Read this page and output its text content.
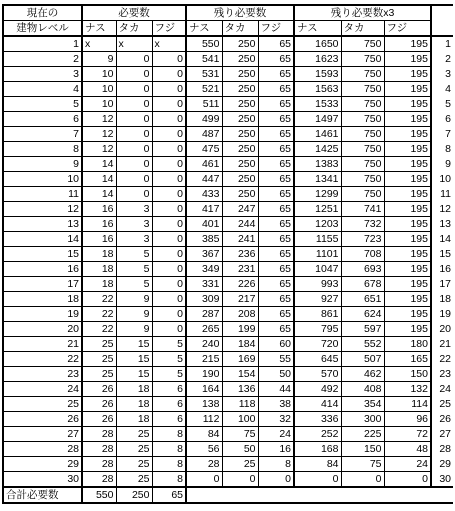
現在の	必要数			残り必要数			残り必要数x3			
建物レベル	ナス	タカ	フジ	ナス	タカ	フジ	ナス	タカ	フジ	
1	x	x	x	550	250	65	1650	750	195	1
2	9	0	0	541	250	65	1623	750	195	2
3	10	0	0	531	250	65	1593	750	195	3
4	10	0	0	521	250	65	1563	750	195	4
5	10	0	0	511	250	65	1533	750	195	5
6	12	0	0	499	250	65	1497	750	195	6
7	12	0	0	487	250	65	1461	750	195	7
8	12	0	0	475	250	65	1425	750	195	8
9	14	0	0	461	250	65	1383	750	195	9
10	14	0	0	447	250	65	1341	750	195	10
11	14	0	0	433	250	65	1299	750	195	11
12	16	3	0	417	247	65	1251	741	195	12
13	16	3	0	401	244	65	1203	732	195	13
14	16	3	0	385	241	65	1155	723	195	14
15	18	5	0	367	236	65	1101	708	195	15
16	18	5	0	349	231	65	1047	693	195	16
17	18	5	0	331	226	65	993	678	195	17
18	22	9	0	309	217	65	927	651	195	18
19	22	9	0	287	208	65	861	624	195	19
20	22	9	0	265	199	65	795	597	195	20
21	25	15	5	240	184	60	720	552	180	21
22	25	15	5	215	169	55	645	507	165	22
23	25	15	5	190	154	50	570	462	150	23
24	26	18	6	164	136	44	492	408	132	24
25	26	18	6	138	118	38	414	354	114	25
26	26	18	6	112	100	32	336	300	96	26
27	28	25	8	84	75	24	252	225	72	27
28	28	25	8	56	50	16	168	150	48	28
29	28	25	8	28	25	8	84	75	24	29
30	28	25	8	0	0	0	0	0	0	30
合計必要数	550	250	65							
